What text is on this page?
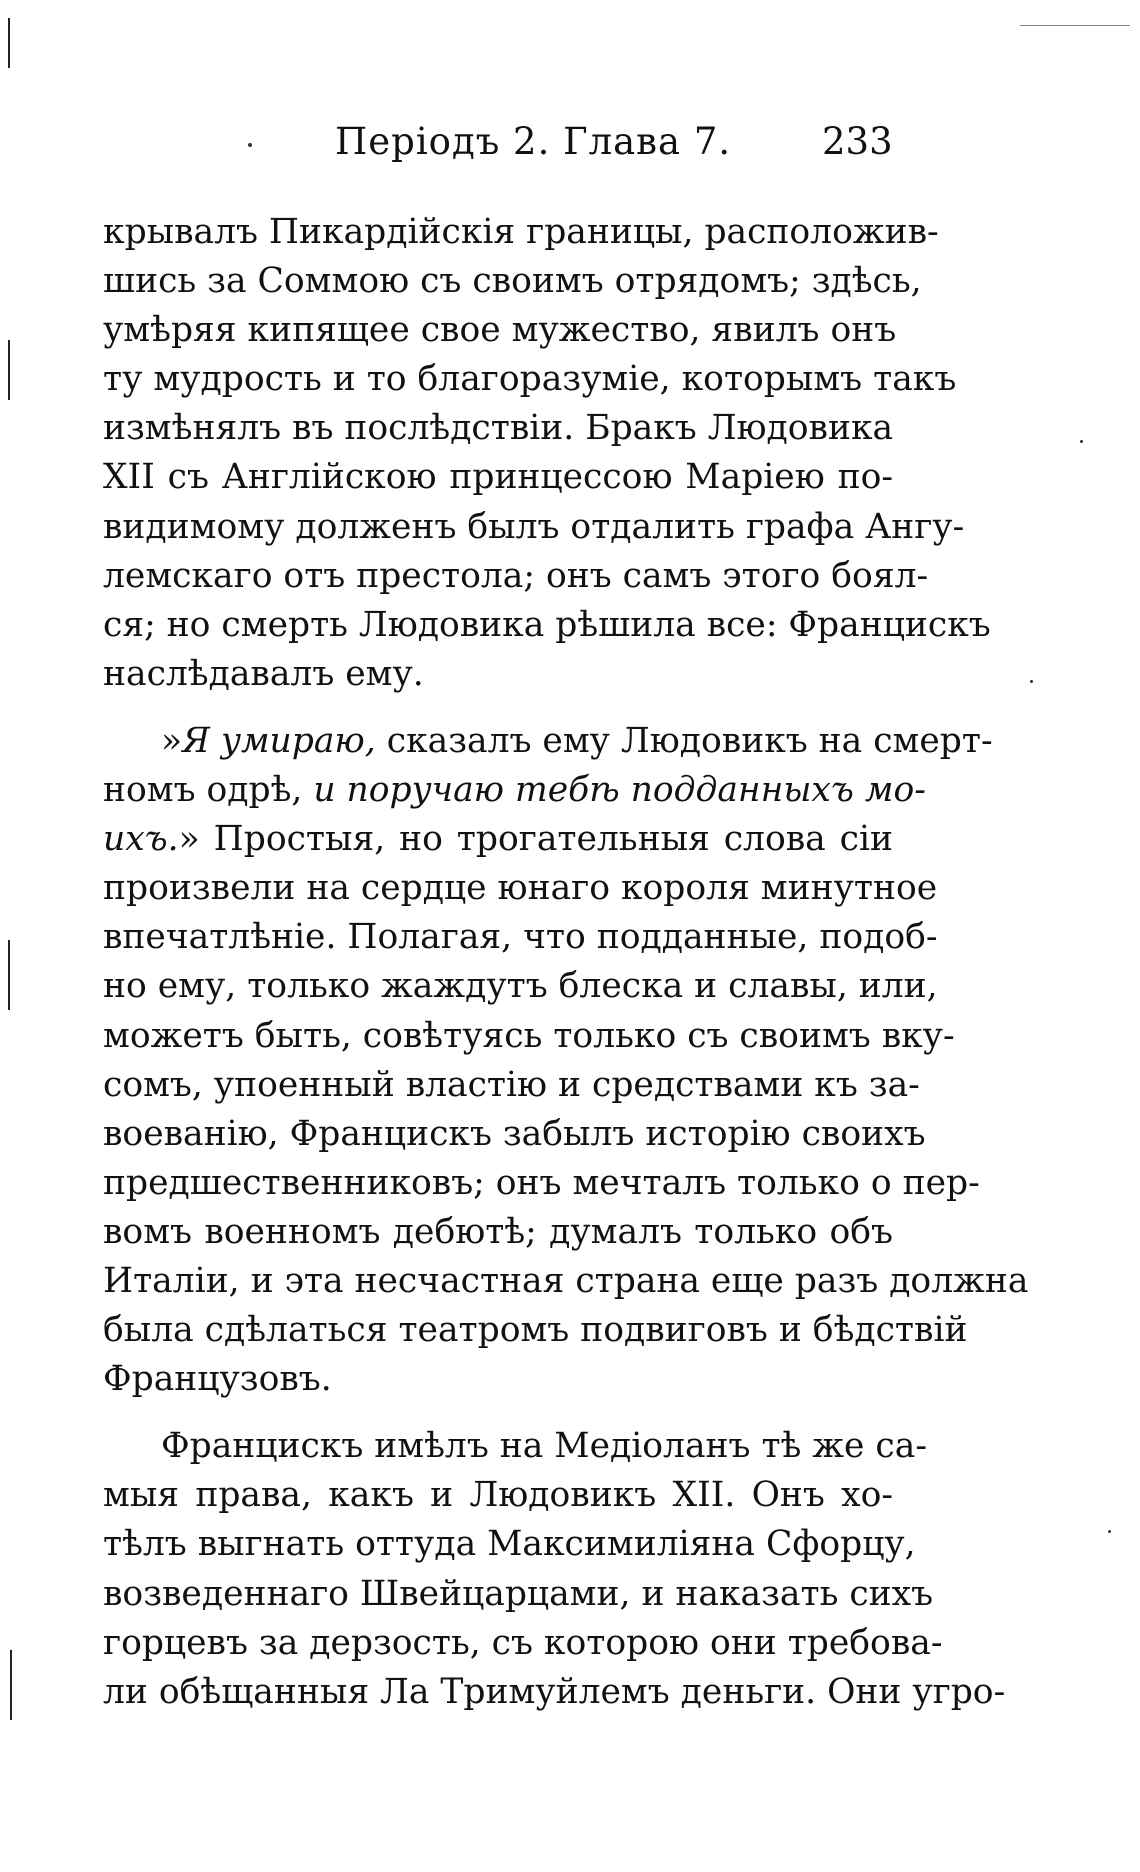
Періодъ 2. Глава 7. 233
крывалъ Пикардійскія границы, расположив-
шись за Соммою съ своимъ отрядомъ; здѣсь,
умѣряя кипящее свое мужество, явилъ онъ
ту мудрость и то благоразуміе, которымъ такъ
измѣнялъ въ послѣдствіи. Бракъ Людовика
XII съ Англійскою принцессою Маріею по-
видимому долженъ былъ отдалить графа Ангу-
лемскаго отъ престола; онъ самъ этого боял-
ся; но смерть Людовика рѣшила все: Францискъ
наслѣдавалъ ему.
»Я умираю, сказалъ ему Людовикъ на смерт-
номъ одрѣ, и поручаю тебѣ подданныхъ мо-
ихъ.» Простыя, но трогательныя слова сіи
произвели на сердце юнаго короля минутное
впечатлѣніе. Полагая, что подданные, подоб-
но ему, только жаждутъ блеска и славы, или,
можетъ быть, совѣтуясь только съ своимъ вку-
сомъ, упоенный властію и средствами къ за-
воеванію, Францискъ забылъ исторію своихъ
предшественниковъ; онъ мечталъ только о пер-
вомъ военномъ дебютѣ; думалъ только объ
Италіи, и эта несчастная страна еще разъ должна
была сдѣлаться театромъ подвиговъ и бѣдствій
Французовъ.
Францискъ имѣлъ на Медіоланъ тѣ же са-
мыя права, какъ и Людовикъ XII. Онъ хо-
тѣлъ выгнать оттуда Максимиліяна Сфорцу,
возведеннаго Швейцарцами, и наказать сихъ
горцевъ за дерзость, съ которою они требова-
ли обѣщанныя Ла Тримуйлемъ деньги. Они угро-
